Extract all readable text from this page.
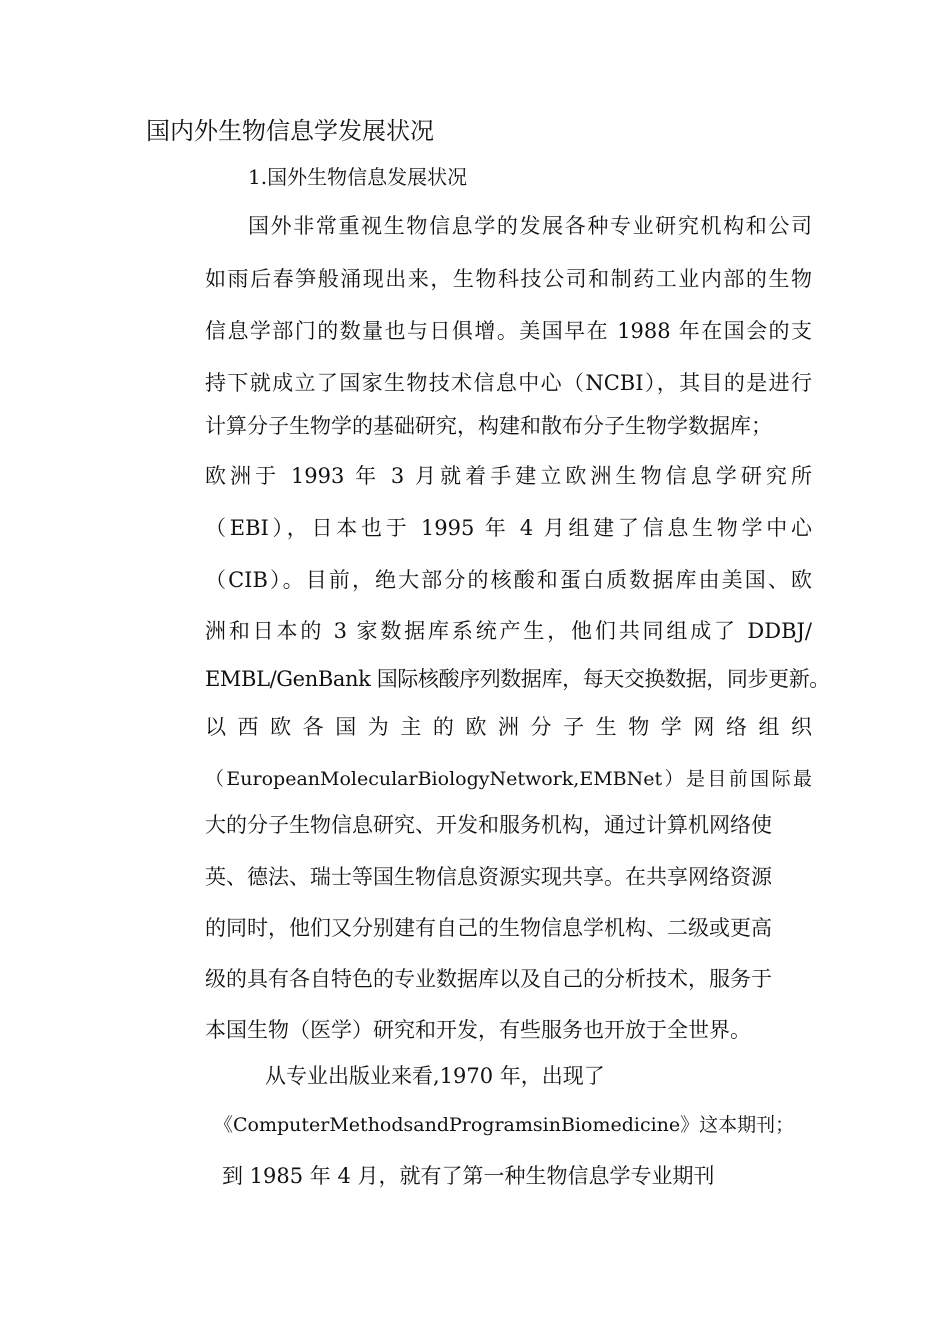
国内外生物信息学发展状况
1.国外生物信息发展状况
国外非常重视生物信息学的发展各种专业研究机构和公司
如雨后春笋般涌现出来，生物科技公司和制药工业内部的生物
信息学部门的数量也与日俱增。美国早在 1988 年在国会的支
持下就成立了国家生物技术信息中心（NCBI），其目的是进行
计算分子生物学的基础研究，构建和散布分子生物学数据库；
欧洲于 1993 年 3 月就着手建立欧洲生物信息学研究所
（EBI），日本也于 1995 年 4 月组建了信息生物学中心
（CIB）。目前，绝大部分的核酸和蛋白质数据库由美国、欧
洲和日本的 3 家数据库系统产生，他们共同组成了 DDBJ/
EMBL/GenBank 国际核酸序列数据库，每天交换数据，同步更新。
以西欧各国为主的欧洲分子生物学网络组织
（EuropeanMolecularBiologyNetwork,EMBNet）是目前国际最
大的分子生物信息研究、开发和服务机构，通过计算机网络使
英、德法、瑞士等国生物信息资源实现共享。在共享网络资源
的同时，他们又分别建有自己的生物信息学机构、二级或更高
级的具有各自特色的专业数据库以及自己的分析技术，服务于
本国生物（医学）研究和开发，有些服务也开放于全世界。
从专业出版业来看,1970 年，出现了
《ComputerMethodsandProgramsinBiomedicine》这本期刊；
到 1985 年 4 月，就有了第一种生物信息学专业期刊
